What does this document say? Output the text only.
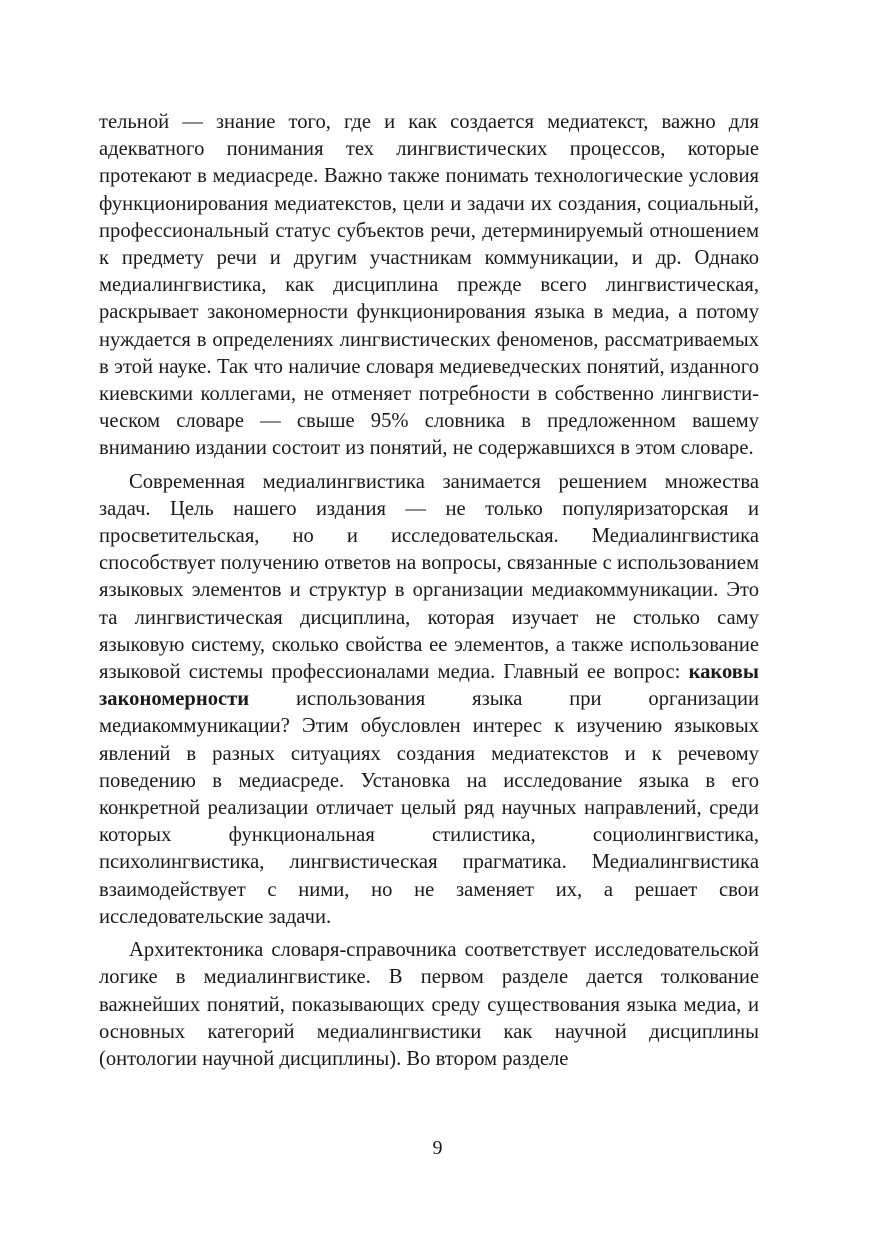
тельной — знание того, где и как создается медиатекст, важно для адекватного понимания тех лингвистических процессов, которые протекают в медиасреде. Важно также понимать технологические условия функционирования медиатекстов, цели и задачи их создания, социальный, профессиональный статус субъектов речи, детерминируемый отношением к предмету речи и другим участникам коммуникации, и др. Однако медиалингвистика, как дисциплина прежде всего лингвистическая, раскрывает закономерности функционирования языка в медиа, а потому нуждается в определениях лингвистических феноменов, рассматриваемых в этой науке. Так что наличие словаря медиеведческих понятий, изданного киевскими коллегами, не отменяет потребности в собственно лингвистическом словаре — свыше 95% словника в предложенном вашему вниманию издании состоит из понятий, не содержавшихся в этом словаре.

Современная медиалингвистика занимается решением множества задач. Цель нашего издания — не только популяризаторская и просветительская, но и исследовательская. Медиалингвистика способствует получению ответов на вопросы, связанные с использованием языковых элементов и структур в организации медиакоммуникации. Это та лингвистическая дисциплина, которая изучает не столько саму языковую систему, сколько свойства ее элементов, а также использование языковой системы профессионалами медиа. Главный ее вопрос: каковы закономерности использования языка при организации медиакоммуникации? Этим обусловлен интерес к изучению языковых явлений в разных ситуациях создания медиатекстов и к речевому поведению в медиасреде. Установка на исследование языка в его конкретной реализации отличает целый ряд научных направлений, среди которых функциональная стилистика, социолингвистика, психолингвистика, лингвистическая прагматика. Медиалингвистика взаимодействует с ними, но не заменяет их, а решает свои исследовательские задачи.

Архитектоника словаря-справочника соответствует исследовательской логике в медиалингвистике. В первом разделе дается толкование важнейших понятий, показывающих среду существования языка медиа, и основных категорий медиалингвистики как научной дисциплины (онтологии научной дисциплины). Во втором разделе

9
